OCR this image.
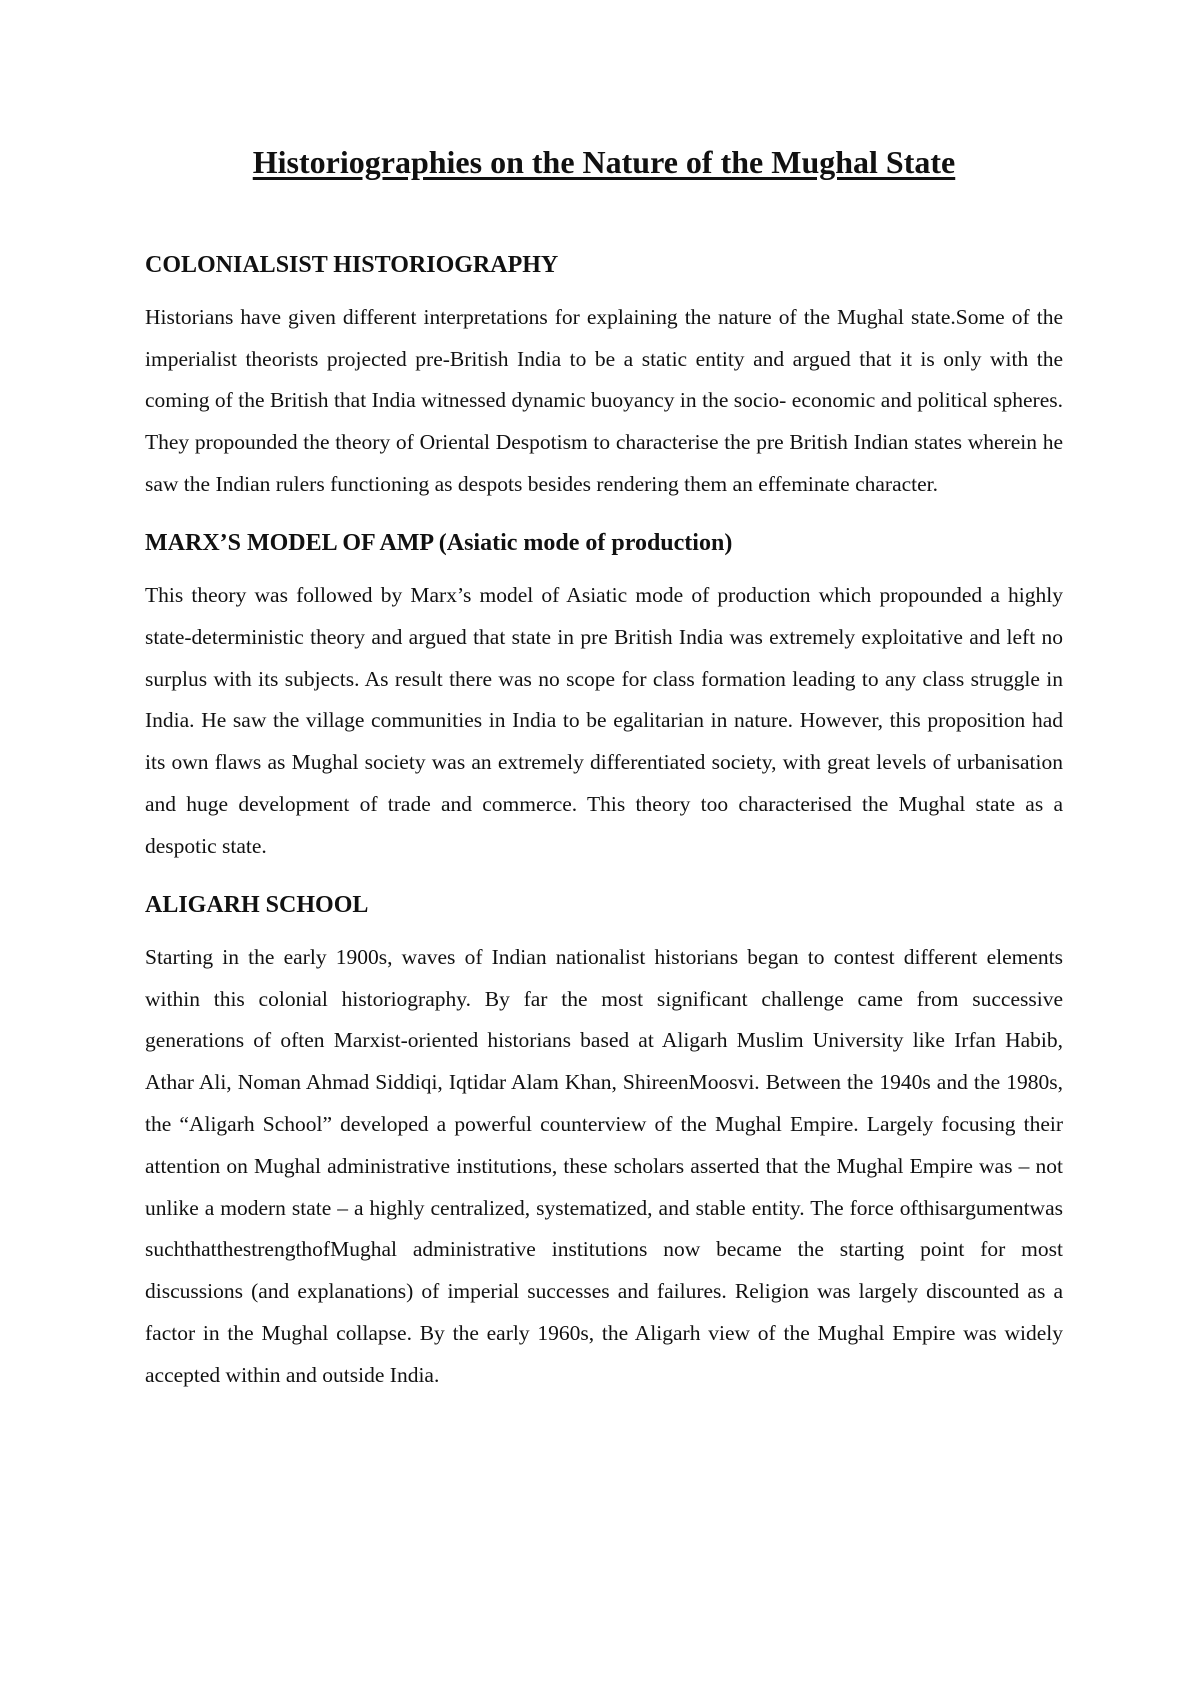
Historiographies on the Nature of the Mughal State
COLONIALSIST HISTORIOGRAPHY

Historians have given different interpretations for explaining the nature of the Mughal state.Some of the imperialist theorists projected pre-British India to be a static entity and argued that it is only with the coming of the British that India witnessed dynamic buoyancy in the socio- economic and political spheres. They propounded the theory of Oriental Despotism to characterise the pre British Indian states wherein he saw the Indian rulers functioning as despots besides rendering them an effeminate character.

MARX’S MODEL OF AMP (Asiatic mode of production)

This theory was followed by Marx’s model of Asiatic mode of production which propounded a highly state-deterministic theory and argued that state in pre British India was extremely exploitative and left no surplus with its subjects. As result there was no scope for class formation leading to any class struggle in India. He saw the village communities in India to be egalitarian in nature. However, this proposition had its own flaws as Mughal society was an extremely differentiated society, with great levels of urbanisation and huge development of trade and commerce. This theory too characterised the Mughal state as a despotic state.

ALIGARH SCHOOL

Starting in the early 1900s, waves of Indian nationalist historians began to contest different elements within this colonial historiography. By far the most significant challenge came from successive generations of often Marxist-oriented historians based at Aligarh Muslim University like Irfan Habib, Athar Ali, Noman Ahmad Siddiqi, Iqtidar Alam Khan, ShireenMoosvi. Between the 1940s and the 1980s, the “Aligarh School” developed a powerful counterview of the Mughal Empire. Largely focusing their attention on Mughal administrative institutions, these scholars asserted that the Mughal Empire was – not unlike a modern state – a highly centralized, systematized, and stable entity. The force ofthisargumentwas suchthatthestrengthofMughal administrative institutions now became the starting point for most discussions (and explanations) of imperial successes and failures. Religion was largely discounted as a factor in the Mughal collapse. By the early 1960s, the Aligarh view of the Mughal Empire was widely accepted within and outside India.
